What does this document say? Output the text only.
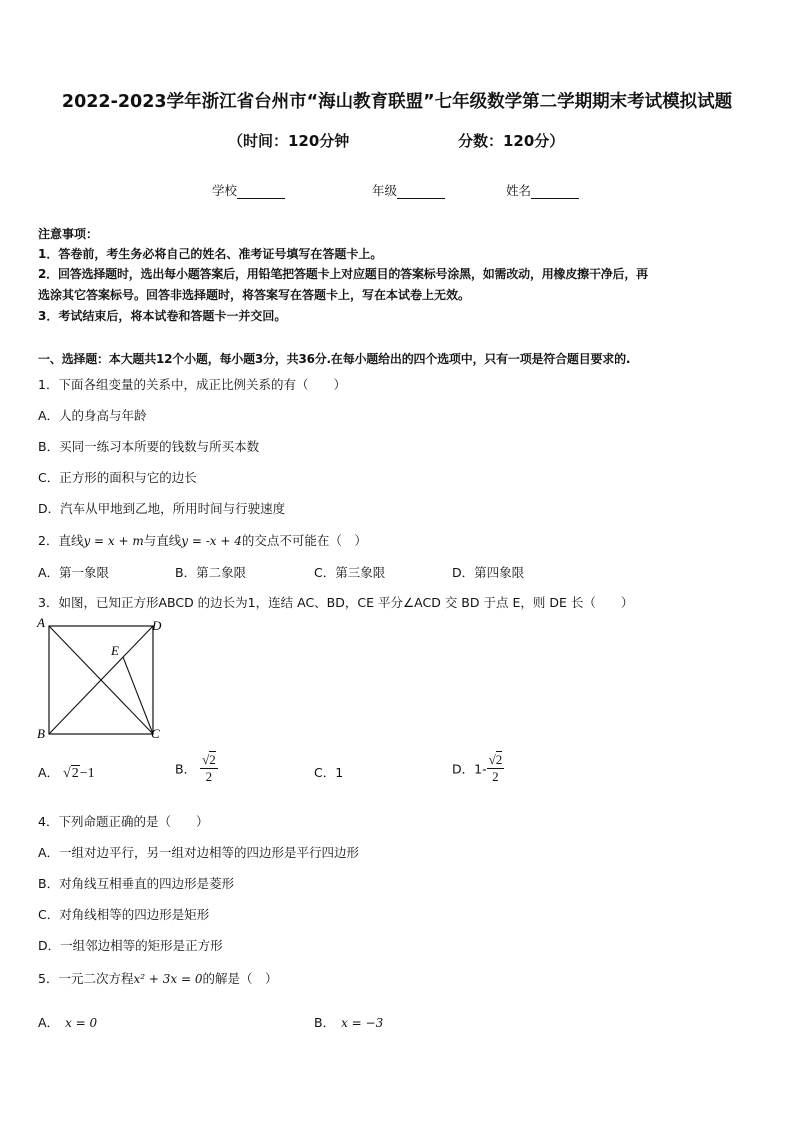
2022-2023学年浙江省台州市“海山教育联盟”七年级数学第二学期期末考试模拟试题
（时间：120分钟	分数：120分）
学校	年级	姓名
注意事项：
1．答卷前，考生务必将自己的姓名、准考证号填写在答题卡上。
2．回答选择题时，选出每小题答案后，用铅笔把答题卡上对应题目的答案标号涂黑，如需改动，用橡皮擦干净后，再
选涂其它答案标号。回答非选择题时，将答案写在答题卡上，写在本试卷上无效。
3．考试结束后，将本试卷和答题卡一并交回。
一、选择题：本大题共12个小题，每小题3分，共36分.在每小题给出的四个选项中，只有一项是符合题目要求的.
1．下面各组变量的关系中，成正比例关系的有（　　）
A．人的身高与年龄
B．买同一练习本所要的钱数与所买本数
C．正方形的面积与它的边长
D．汽车从甲地到乙地，所用时间与行驶速度
2．直线y = x + m与直线y = -x + 4的交点不可能在（　）
A．第一象限	B．第二象限	C．第三象限	D．第四象限
3．如图，已知正方形ABCD 的边长为1，连结 AC、BD，CE 平分∠ACD 交 BD 于点 E，则 DE 长（　　）
A	D
B	C
E
A． √2−1	B． $\frac{√2}{2}$	C．1	D．$1- \frac{√2}{2}$
4．下列命题正确的是（　　）
A．一组对边平行，另一组对边相等的四边形是平行四边形
B．对角线互相垂直的四边形是菱形
C．对角线相等的四边形是矩形
D．一组邻边相等的矩形是正方形
5．一元二次方程x² + 3x = 0的解是（　）
A． x = 0	B． x = −3
